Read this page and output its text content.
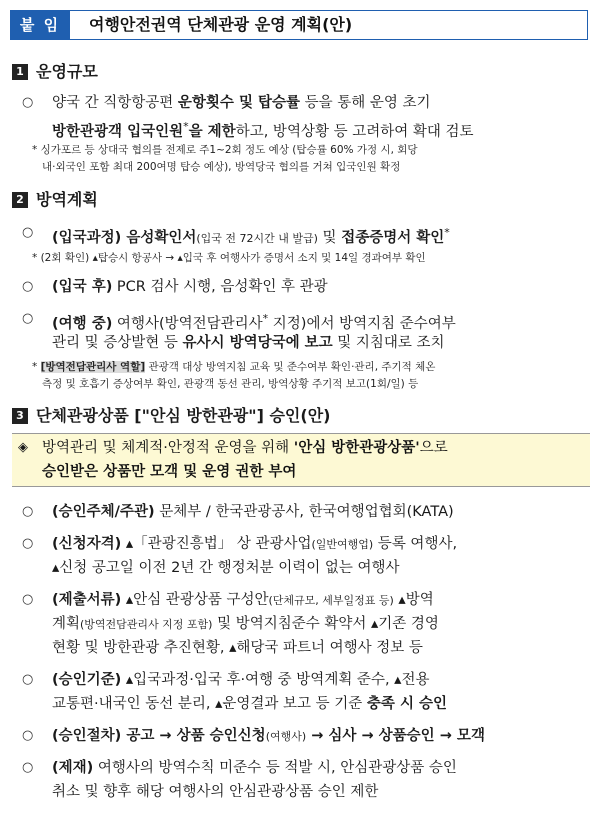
붙 임	여행안전권역 단체관광 운영 계획(안)
1 운영규모
○ 양국 간 직항항공편 운항횟수 및 탑승률 등을 통해 운영 초기
방한관광객 입국인원*을 제한하고, 방역상황 등 고려하여 확대 검토
* 싱가포르 등 상대국 협의를 전제로 주1~2회 정도 예상 (탑승률 60% 가정 시, 회당
내·외국인 포함 최대 200여명 탑승 예상), 방역당국 협의를 거쳐 입국인원 확정
2 방역계획
○ (입국과정) 음성확인서(입국 전 72시간 내 발급) 및 접종증명서 확인*
* (2회 확인) ▴탑승시 항공사 → ▴입국 후 여행사가 증명서 소지 및 14일 경과여부 확인
○ (입국 후) PCR 검사 시행, 음성확인 후 관광
○ (여행 중) 여행사(방역전담관리사* 지정)에서 방역지침 준수여부
관리 및 증상발현 등 유사시 방역당국에 보고 및 지침대로 조치
* [방역전담관리사 역할] 관광객 대상 방역지침 교육 및 준수여부 확인·관리, 주기적 체온
측정 및 호흡기 증상여부 확인, 관광객 동선 관리, 방역상황 주기적 보고(1회/일) 등
3 단체관광상품 ["안심 방한관광"] 승인(안)
◈ 방역관리 및 체계적·안정적 운영을 위해 '안심 방한관광상품'으로
승인받은 상품만 모객 및 운영 권한 부여
○ (승인주체/주관) 문체부 / 한국관광공사, 한국여행업협회(KATA)
○ (신청자격) ▴「관광진흥법」 상 관광사업(일반여행업) 등록 여행사,
▴신청 공고일 이전 2년 간 행정처분 이력이 없는 여행사
○ (제출서류) ▴안심 관광상품 구성안(단체규모, 세부일정표 등) ▴방역
계획(방역전담관리사 지정 포함) 및 방역지침준수 확약서 ▴기존 경영
현황 및 방한관광 추진현황, ▴해당국 파트너 여행사 정보 등
○ (승인기준) ▴입국과정·입국 후·여행 중 방역계획 준수, ▴전용
교통편·내국인 동선 분리, ▴운영결과 보고 등 기준 충족 시 승인
○ (승인절차) 공고 → 상품 승인신청(여행사) → 심사 → 상품승인 → 모객
○ (제재) 여행사의 방역수칙 미준수 등 적발 시, 안심관광상품 승인
취소 및 향후 해당 여행사의 안심관광상품 승인 제한
